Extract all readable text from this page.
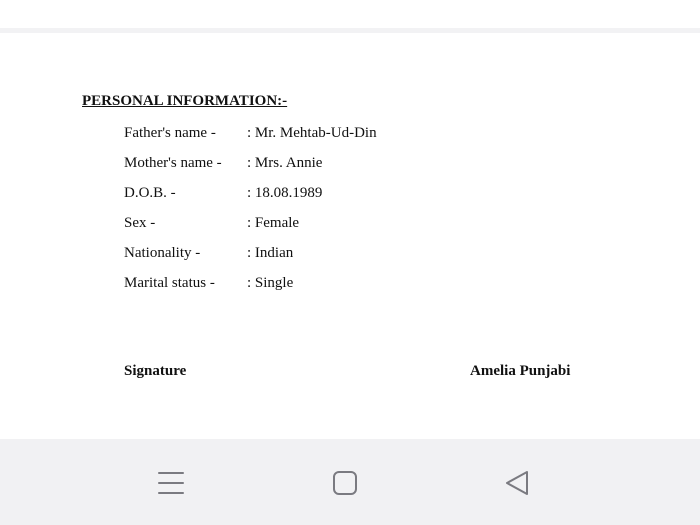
PERSONAL INFORMATION:-
Father's name - : Mr. Mehtab-Ud-Din
Mother's name - : Mrs. Annie
D.O.B. -	: 18.08.1989
Sex -	: Female
Nationality -	: Indian
Marital status - : Single
Signature	Amelia Punjabi
